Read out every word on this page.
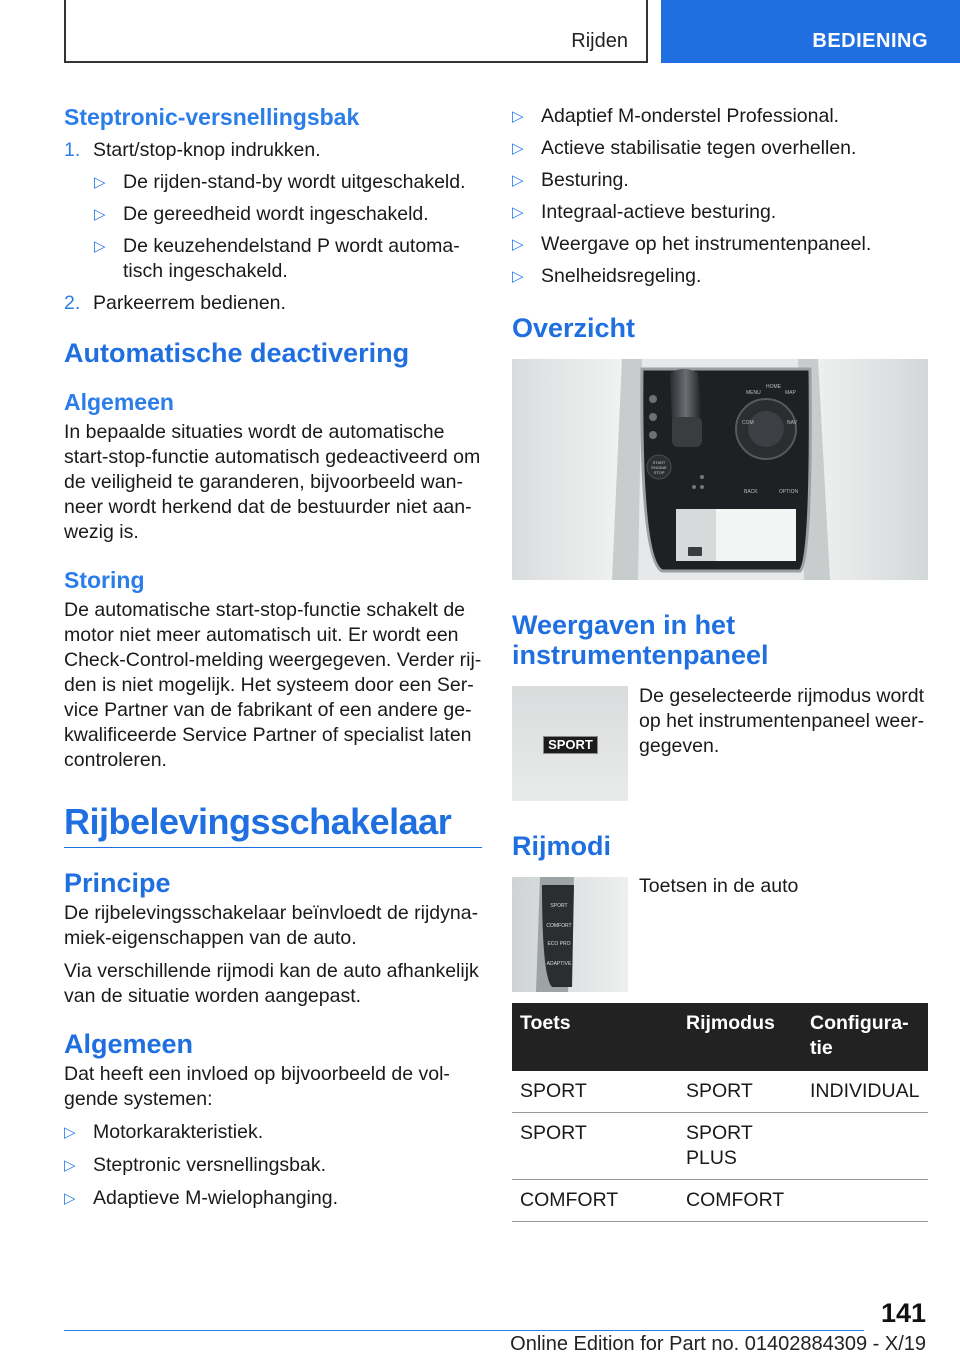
Rijden	BEDIENING
Steptronic-versnellingsbak
1. Start/stop-knop indrukken.
▷ De rijden-stand-by wordt uitgeschakeld.
▷ De gereedheid wordt ingeschakeld.
▷ De keuzehendelstand P wordt automa-tisch ingeschakeld.
2. Parkeerrem bedienen.
Automatische deactivering
Algemeen

In bepaalde situaties wordt de automatische start-stop-functie automatisch gedeactiveerd om de veiligheid te garanderen, bijvoorbeeld wan-neer wordt herkend dat de bestuurder niet aan-wezig is.

Storing

De automatische start-stop-functie schakelt de motor niet meer automatisch uit. Er wordt een Check-Control-melding weergegeven. Verder rij-den is niet mogelijk. Het systeem door een Ser-vice Partner van de fabrikant of een andere ge-kwalificeerde Service Partner of specialist laten controleren.

Rijbelevingsschakelaar
Principe

De rijbelevingsschakelaar beïnvloedt de rijdyna-miek-eigenschappen van de auto.

Via verschillende rijmodi kan de auto afhankelijk van de situatie worden aangepast.

Algemeen

Dat heeft een invloed op bijvoorbeeld de vol-gende systemen:

▷ Motorkarakteristiek.
▷ Steptronic versnellingsbak.
▷ Adaptieve M-wielophanging.
▷ Adaptief M-onderstel Professional.
▷ Actieve stabilisatie tegen overhellen.
▷ Besturing.
▷ Integraal-actieve besturing.
▷ Weergave op het instrumentenpaneel.
▷ Snelheidsregeling.
Overzicht
START
ENGINE
STOP
MENU
HOME
MAP
COM	NAV
BACK	OPTION
Weergaven in het
instrumentenpaneel
SPORT

De geselecteerde rijmodus wordt op het instrumentenpaneel weer-gegeven.

Rijmodi
SPORT
COMFORT
ECO PRO
ADAPTIVE

Toetsen in de auto

Toets	Rijmodus	Configura-tie
SPORT	SPORT	INDIVIDUAL
SPORT	SPORT PLUS	
COMFORT	COMFORT	
141
Online Edition for Part no. 01402884309 - X/19
